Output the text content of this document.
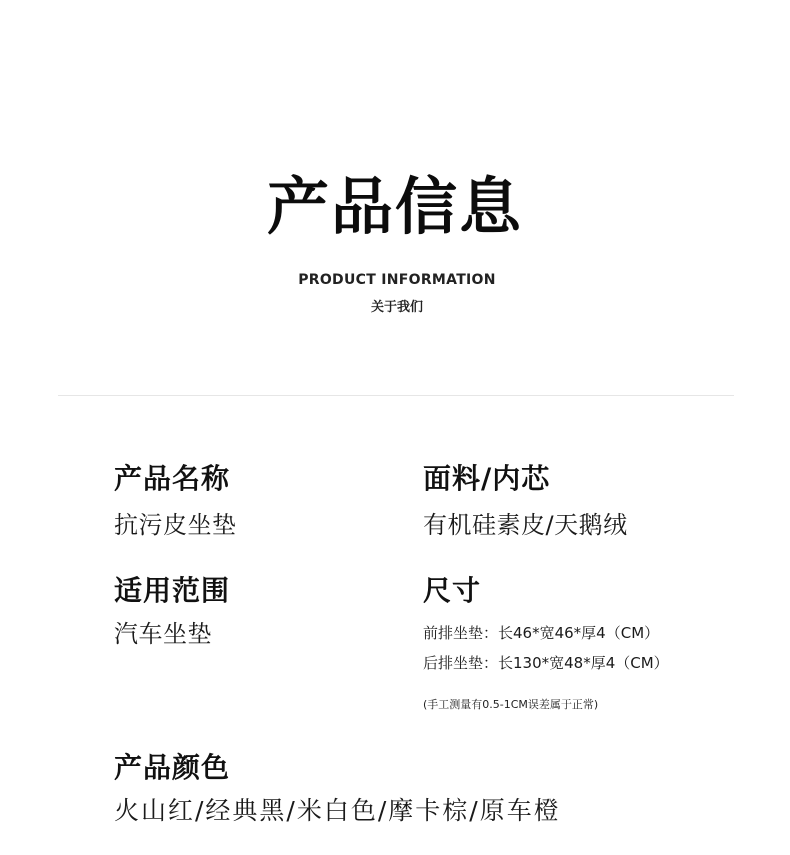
产品信息
PRODUCT INFORMATION
关于我们
产品名称
抗污皮坐垫
面料/内芯
有机硅素皮/天鹅绒
适用范围
汽车坐垫
尺寸
前排坐垫：长46*宽46*厚4（CM）
后排坐垫：长130*宽48*厚4（CM）
(手工测量有0.5-1CM误差属于正常)
产品颜色
火山红/经典黑/米白色/摩卡棕/原车橙
